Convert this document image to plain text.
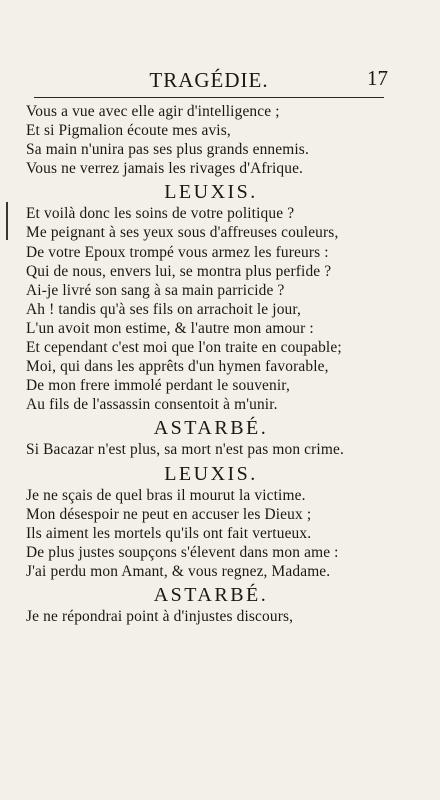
TRAGÉDIE.	17
Vous a vue avec elle agir d'intelligence ;
Et si Pigmalion écoute mes avis,
Sa main n'unira pas ses plus grands ennemis.
Vous ne verrez jamais les rivages d'Afrique.
LEUXIS.
Et voilà donc les soins de votre politique ?
Me peignant à ses yeux sous d'affreuses couleurs,
De votre Epoux trompé vous armez les fureurs :
Qui de nous, envers lui, se montra plus perfide ?
Ai-je livré son sang à sa main parricide ?
Ah ! tandis qu'à ses fils on arrachoit le jour,
L'un avoit mon estime, & l'autre mon amour :
Et cependant c'est moi que l'on traite en coupable;
Moi, qui dans les apprêts d'un hymen favorable,
De mon frere immolé perdant le souvenir,
Au fils de l'assassin consentoit à m'unir.
ASTARBÉ.
Si Bacazar n'est plus, sa mort n'est pas mon crime.
LEUXIS.
Je ne sçais de quel bras il mourut la victime.
Mon désespoir ne peut en accuser les Dieux ;
Ils aiment les mortels qu'ils ont fait vertueux.
De plus justes soupçons s'élevent dans mon ame :
J'ai perdu mon Amant, & vous regnez, Madame.
ASTARBÉ.
Je ne répondrai point à d'injustes discours,
